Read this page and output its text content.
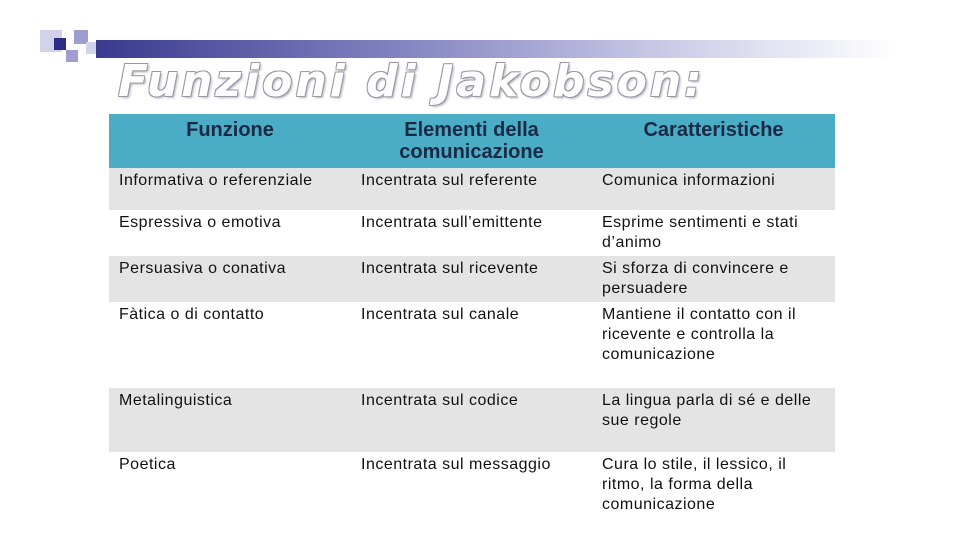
Funzioni di Jakobson:
Funzione	Elementi della comunicazione	Caratteristiche
Informativa o referenziale	Incentrata sul referente	Comunica informazioni
Espressiva o emotiva	Incentrata sull’emittente	Esprime sentimenti e stati d’animo
Persuasiva o conativa	Incentrata sul ricevente	Si sforza di convincere e persuadere
Fàtica o di contatto	Incentrata sul canale	Mantiene il contatto con il ricevente e controlla la comunicazione
Metalinguistica	Incentrata sul codice	La lingua parla di sé e delle sue regole
Poetica	Incentrata sul messaggio	Cura lo stile, il lessico, il ritmo, la forma della comunicazione
